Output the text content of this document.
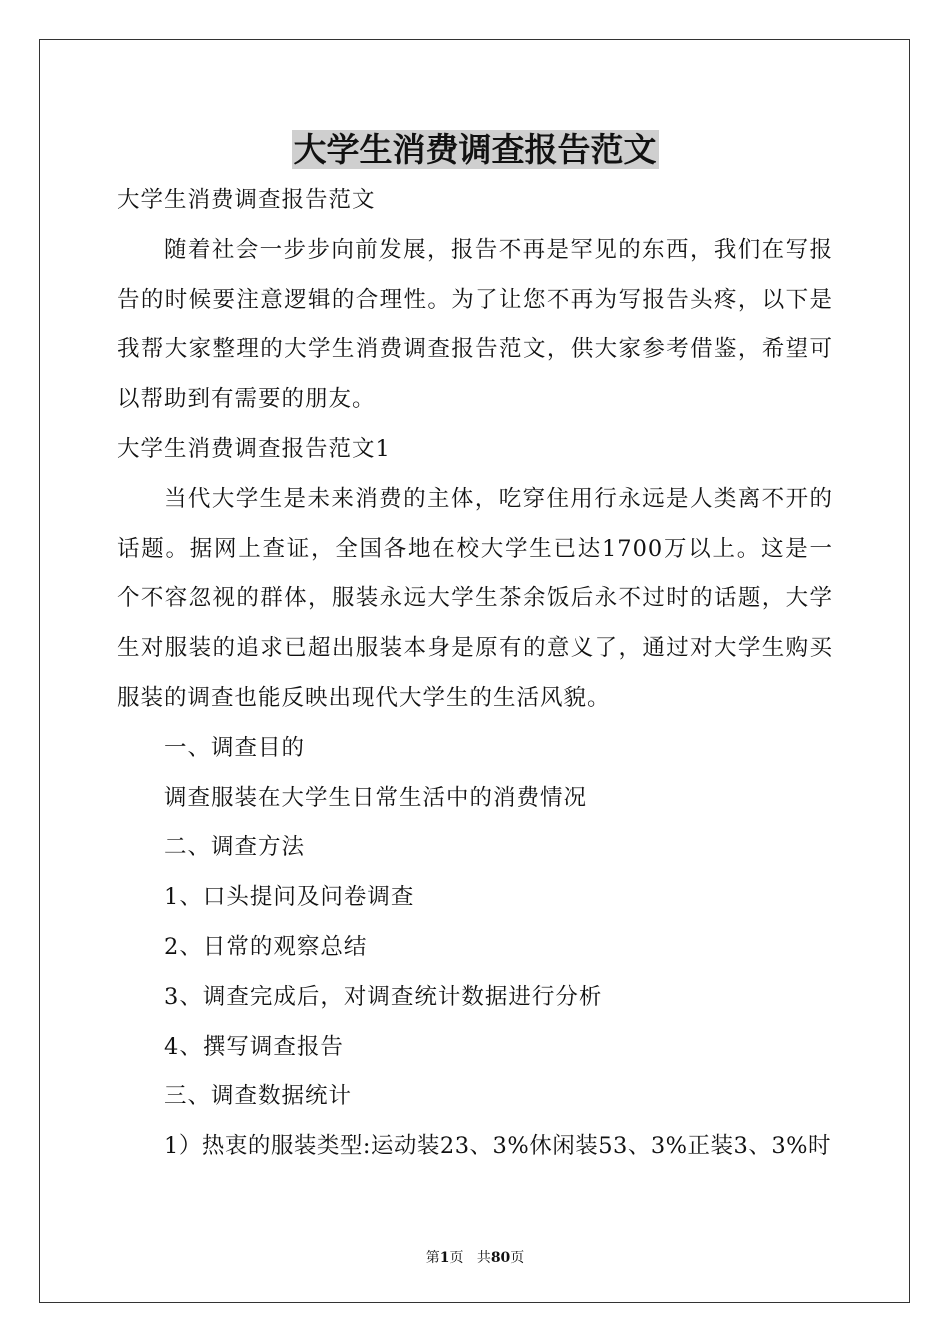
大学生消费调查报告范文

大学生消费调查报告范文

随着社会一步步向前发展，报告不再是罕见的东西，我们在写报告的时候要注意逻辑的合理性。为了让您不再为写报告头疼，以下是我帮大家整理的大学生消费调查报告范文，供大家参考借鉴，希望可以帮助到有需要的朋友。

大学生消费调查报告范文1

当代大学生是未来消费的主体，吃穿住用行永远是人类离不开的话题。据网上查证，全国各地在校大学生已达1700万以上。这是一个不容忽视的群体，服装永远大学生茶余饭后永不过时的话题，大学生对服装的追求已超出服装本身是原有的意义了，通过对大学生购买服装的调查也能反映出现代大学生的生活风貌。

一、调查目的

调查服装在大学生日常生活中的消费情况

二、调查方法

1、口头提问及问卷调查

2、日常的观察总结

3、调查完成后，对调查统计数据进行分析

4、撰写调查报告

三、调查数据统计

1）热衷的服装类型:运动装23、3%休闲装53、3%正装3、3%时

第1页 共80页
